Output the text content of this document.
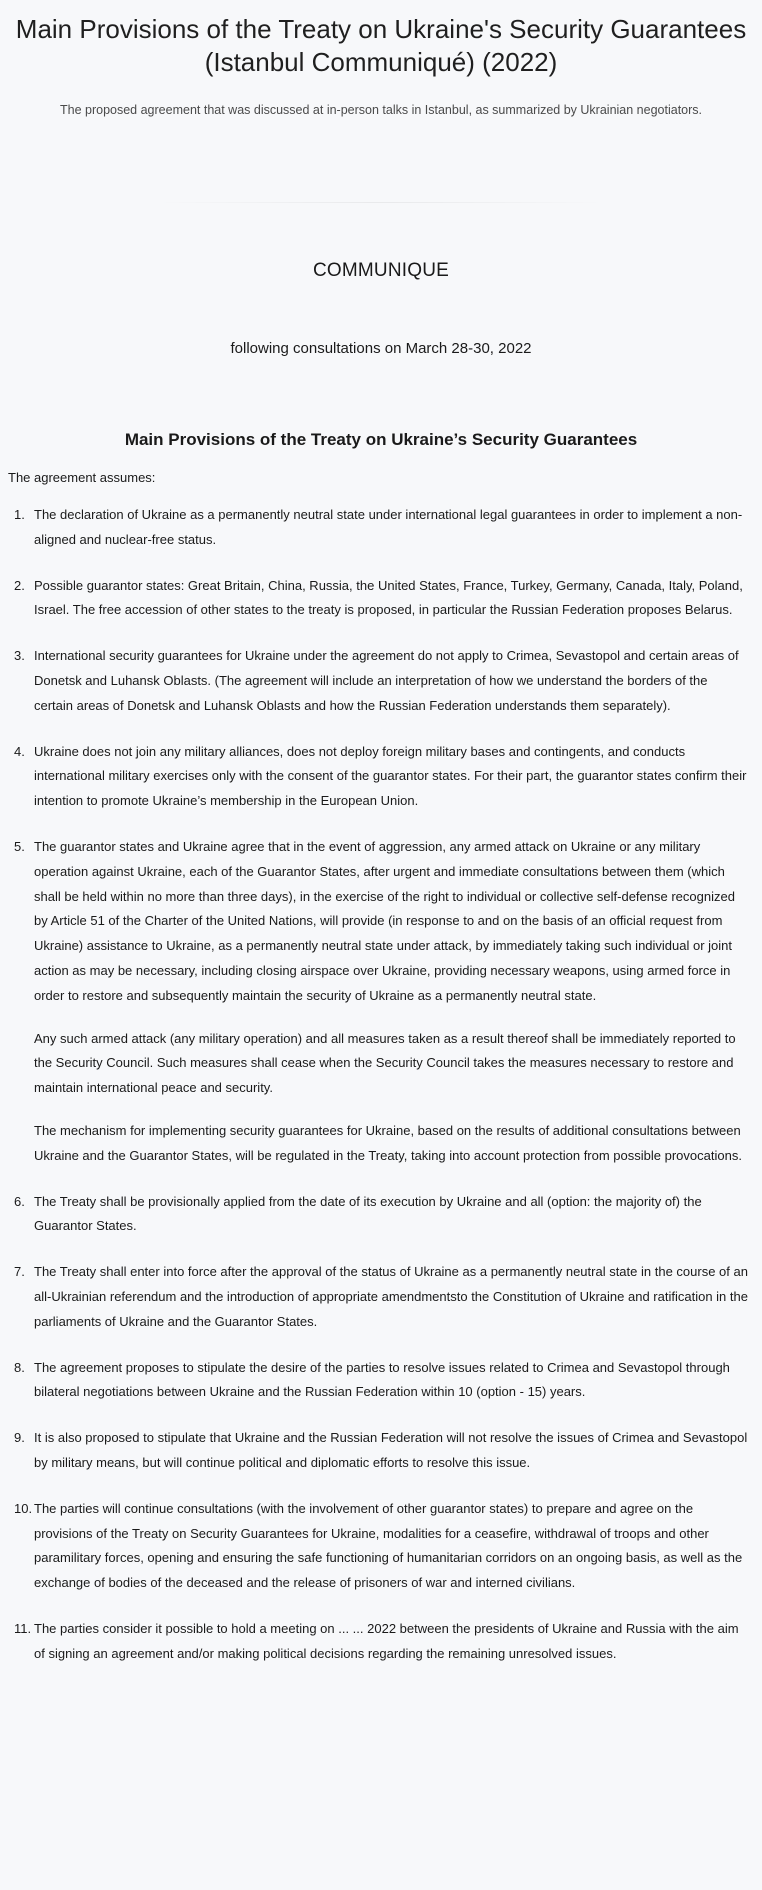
Main Provisions of the Treaty on Ukraine's Security Guarantees (Istanbul Communiqué) (2022)

The proposed agreement that was discussed at in-person talks in Istanbul, as summarized by Ukrainian negotiators.

COMMUNIQUE

following consultations on March 28-30, 2022

Main Provisions of the Treaty on Ukraine’s Security Guarantees

The agreement assumes:

1. The declaration of Ukraine as a permanently neutral state under international legal guarantees in order to implement a non-aligned and nuclear-free status.
2. Possible guarantor states: Great Britain, China, Russia, the United States, France, Turkey, Germany, Canada, Italy, Poland, Israel. The free accession of other states to the treaty is proposed, in particular the Russian Federation proposes Belarus.
3. International security guarantees for Ukraine under the agreement do not apply to Crimea, Sevastopol and certain areas of Donetsk and Luhansk Oblasts. (The agreement will include an interpretation of how we understand the borders of the certain areas of Donetsk and Luhansk Oblasts and how the Russian Federation understands them separately).
4. Ukraine does not join any military alliances, does not deploy foreign military bases and contingents, and conducts international military exercises only with the consent of the guarantor states. For their part, the guarantor states confirm their intention to promote Ukraine’s membership in the European Union.
5. The guarantor states and Ukraine agree that in the event of aggression, any armed attack on Ukraine or any military operation against Ukraine, each of the Guarantor States, after urgent and immediate consultations between them (which shall be held within no more than three days), in the exercise of the right to individual or collective self-defense recognized by Article 51 of the Charter of the United Nations, will provide (in response to and on the basis of an official request from Ukraine) assistance to Ukraine, as a permanently neutral state under attack, by immediately taking such individual or joint action as may be necessary, including closing airspace over Ukraine, providing necessary weapons, using armed force in order to restore and subsequently maintain the security of Ukraine as a permanently neutral state.
Any such armed attack (any military operation) and all measures taken as a result thereof shall be immediately reported to the Security Council. Such measures shall cease when the Security Council takes the measures necessary to restore and maintain international peace and security.
The mechanism for implementing security guarantees for Ukraine, based on the results of additional consultations between Ukraine and the Guarantor States, will be regulated in the Treaty, taking into account protection from possible provocations.
6. The Treaty shall be provisionally applied from the date of its execution by Ukraine and all (option: the majority of) the Guarantor States.
7. The Treaty shall enter into force after the approval of the status of Ukraine as a permanently neutral state in the course of an all-Ukrainian referendum and the introduction of appropriate amendmentsto the Constitution of Ukraine and ratification in the parliaments of Ukraine and the Guarantor States.
8. The agreement proposes to stipulate the desire of the parties to resolve issues related to Crimea and Sevastopol through bilateral negotiations between Ukraine and the Russian Federation within 10 (option - 15) years.
9. It is also proposed to stipulate that Ukraine and the Russian Federation will not resolve the issues of Crimea and Sevastopol by military means, but will continue political and diplomatic efforts to resolve this issue.
10. The parties will continue consultations (with the involvement of other guarantor states) to prepare and agree on the provisions of the Treaty on Security Guarantees for Ukraine, modalities for a ceasefire, withdrawal of troops and other paramilitary forces, opening and ensuring the safe functioning of humanitarian corridors on an ongoing basis, as well as the exchange of bodies of the deceased and the release of prisoners of war and interned civilians.
11. The parties consider it possible to hold a meeting on ... ... 2022 between the presidents of Ukraine and Russia with the aim of signing an agreement and/or making political decisions regarding the remaining unresolved issues.
